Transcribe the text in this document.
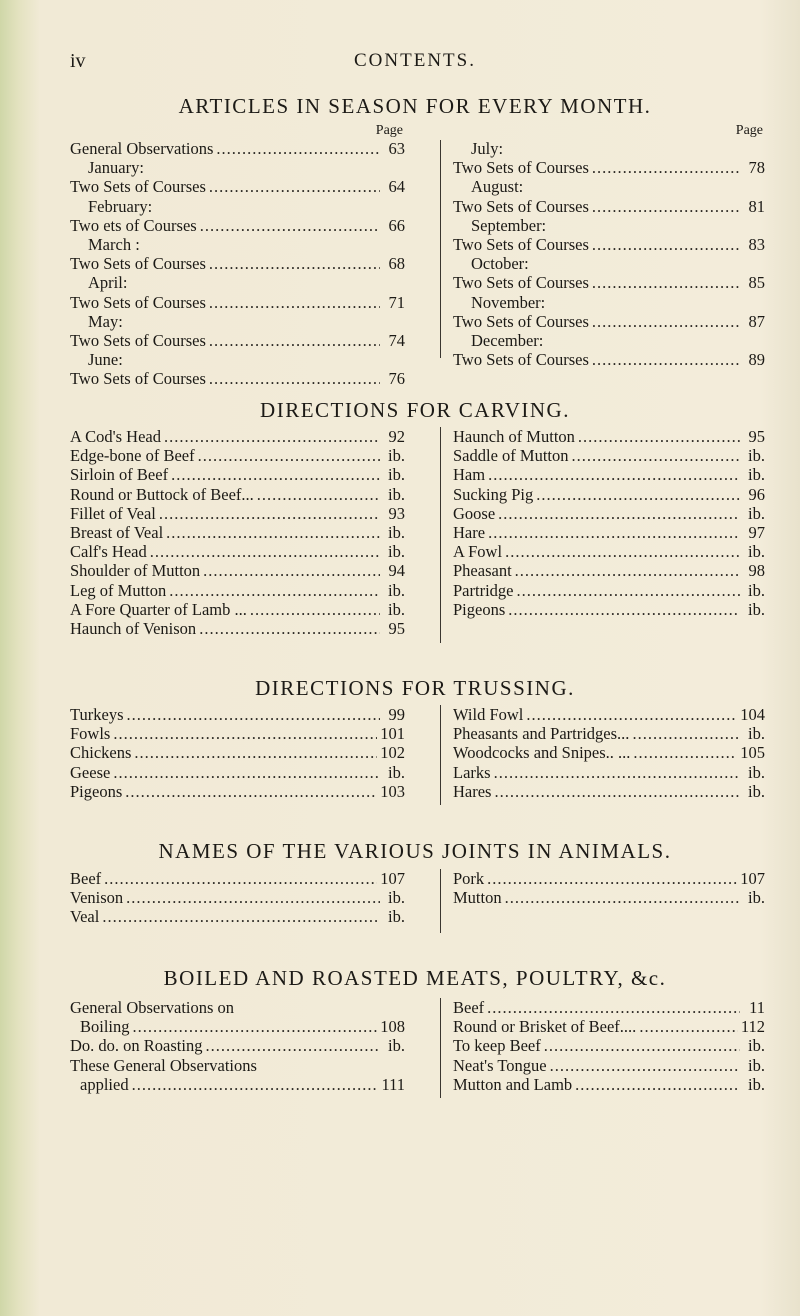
iv	CONTENTS.
ARTICLES IN SEASON FOR EVERY MONTH.
Page
General Observations .....	63
January:
Two Sets of Courses .....	64
February:
Two ets of Courses .....	66
March :
Two Sets of Courses .....	68
April:
Two Sets of Courses .....	71
May:
Two Sets of Courses .....	74
June:
Two Sets of Courses .....	76
Page
July:
Two Sets of Courses .....	78
August:
Two Sets of Courses .....	81
September:
Two Sets of Courses .....	83
October:
Two Sets of Courses .....	85
November:
Two Sets of Courses .....	87
December:
Two Sets of Courses .....	89
DIRECTIONS FOR CARVING.
A Cod's Head .....	92
Edge-bone of Beef .....	ib.
Sirloin of Beef .....	ib.
Round or Buttock of Beef... .....	ib.
Fillet of Veal .....	93
Breast of Veal .....	ib.
Calf's Head .....	ib.
Shoulder of Mutton .....	94
Leg of Mutton .....	ib.
A Fore Quarter of Lamb ... .....	ib.
Haunch of Venison .....	95
Haunch of Mutton .....	95
Saddle of Mutton .....	ib.
Ham .....	ib.
Sucking Pig .....	96
Goose .....	ib.
Hare .....	97
A Fowl .....	ib.
Pheasant .....	98
Partridge .....	ib.
Pigeons .....	ib.
DIRECTIONS FOR TRUSSING.
Turkeys .....	99
Fowls .....	101
Chickens .....	102
Geese .....	ib.
Pigeons .....	103
Wild Fowl .....	104
Pheasants and Partridges... .....	ib.
Woodcocks and Snipes.. ... .....	105
Larks .....	ib.
Hares .....	ib.
NAMES OF THE VARIOUS JOINTS IN ANIMALS.
Beef .....	107
Venison .....	ib.
Veal .....	ib.
Pork .....	107
Mutton .....	ib.
BOILED AND ROASTED MEATS, POULTRY, &c.
General Observations on
Boiling .....	108
Do. do. on Roasting .....	ib.
These General Observations
applied .....	111
Beef .....	11
Round or Brisket of Beef.... .....	112
To keep Beef .....	ib.
Neat's Tongue .....	ib.
Mutton and Lamb .....	ib.
